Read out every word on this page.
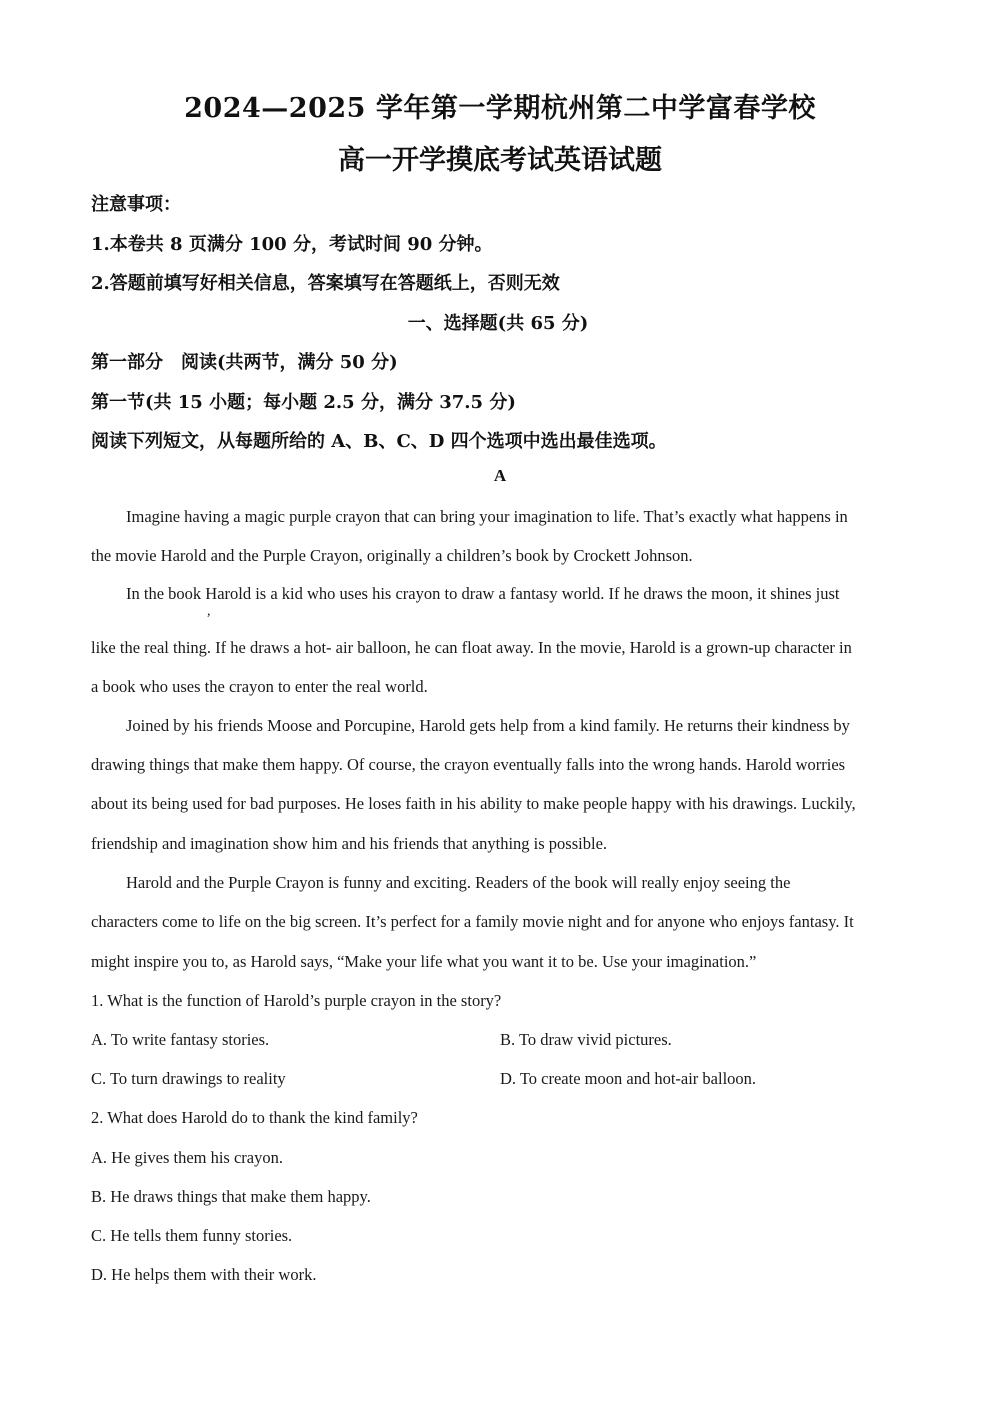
2024—2025 学年第一学期杭州第二中学富春学校
高一开学摸底考试英语试题
注意事项：
1.本卷共 8 页满分 100 分，考试时间 90 分钟。
2.答题前填写好相关信息，答案填写在答题纸上，否则无效
一、选择题(共 65 分)
第一部分　阅读(共两节，满分 50 分)
第一节(共 15 小题；每小题 2.5 分，满分 37.5 分)
阅读下列短文，从每题所给的 A、B、C、D 四个选项中选出最佳选项。
A
Imagine having a magic purple crayon that can bring your imagination to life. That’s exactly what happens in
the movie Harold and the Purple Crayon, originally a children’s book by Crockett Johnson.
In the book Harold is a kid who uses his crayon to draw a fantasy world. If he draws the moon, it shines just
,
like the real thing. If he draws a hot- air balloon, he can float away. In the movie, Harold is a grown-up character in
a book who uses the crayon to enter the real world.
Joined by his friends Moose and Porcupine, Harold gets help from a kind family. He returns their kindness by
drawing things that make them happy. Of course, the crayon eventually falls into the wrong hands. Harold worries
about its being used for bad purposes. He loses faith in his ability to make people happy with his drawings. Luckily,
friendship and imagination show him and his friends that anything is possible.
Harold and the Purple Crayon is funny and exciting. Readers of the book will really enjoy seeing the
characters come to life on the big screen. It’s perfect for a family movie night and for anyone who enjoys fantasy. It
might inspire you to, as Harold says, “Make your life what you want it to be. Use your imagination.”
1. What is the function of Harold’s purple crayon in the story?
A. To write fantasy stories.	B. To draw vivid pictures.
C. To turn drawings to reality	D. To create moon and hot-air balloon.
2. What does Harold do to thank the kind family?
A. He gives them his crayon.
B. He draws things that make them happy.
C. He tells them funny stories.
D. He helps them with their work.
